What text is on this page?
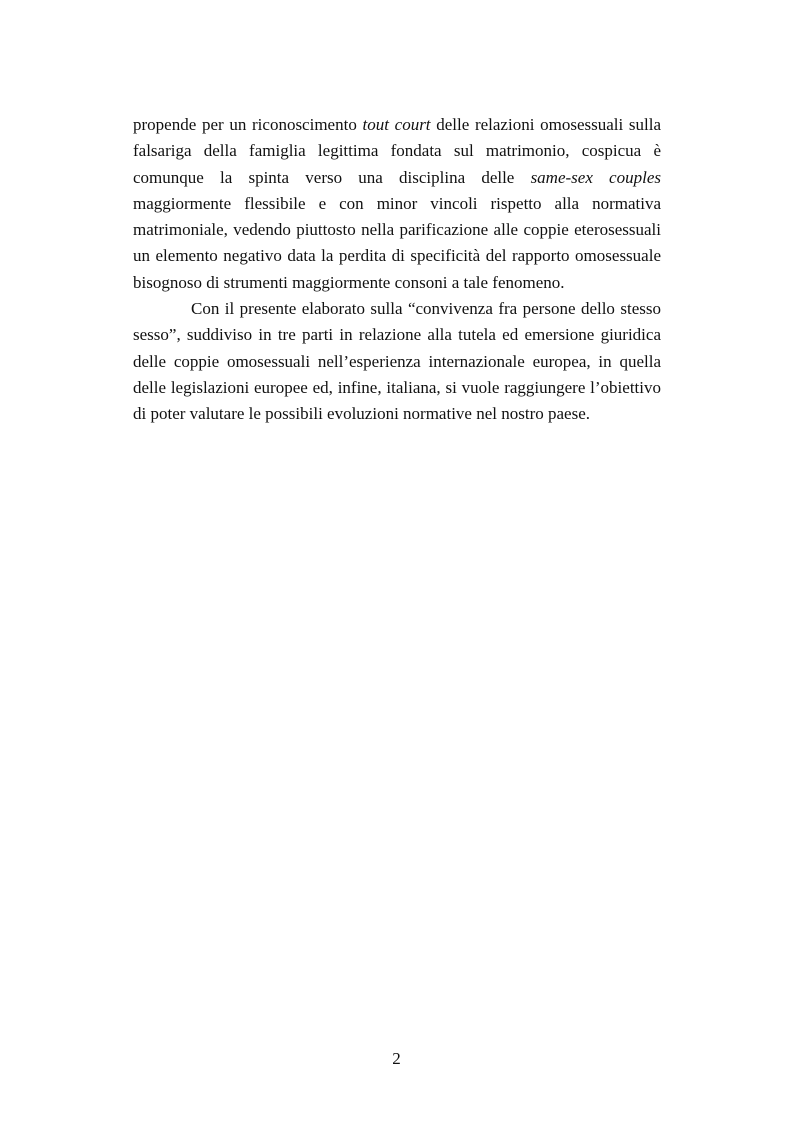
propende per un riconoscimento tout court delle relazioni omosessuali sulla falsariga della famiglia legittima fondata sul matrimonio, cospicua è comunque la spinta verso una disciplina delle same-sex couples maggiormente flessibile e con minor vincoli rispetto alla normativa matrimoniale, vedendo piuttosto nella parificazione alle coppie eterosessuali un elemento negativo data la perdita di specificità del rapporto omosessuale bisognoso di strumenti maggiormente consoni a tale fenomeno.

Con il presente elaborato sulla “convivenza fra persone dello stesso sesso”, suddiviso in tre parti in relazione alla tutela ed emersione giuridica delle coppie omosessuali nell’esperienza internazionale europea, in quella delle legislazioni europee ed, infine, italiana, si vuole raggiungere l’obiettivo di poter valutare le possibili evoluzioni normative nel nostro paese.

2
